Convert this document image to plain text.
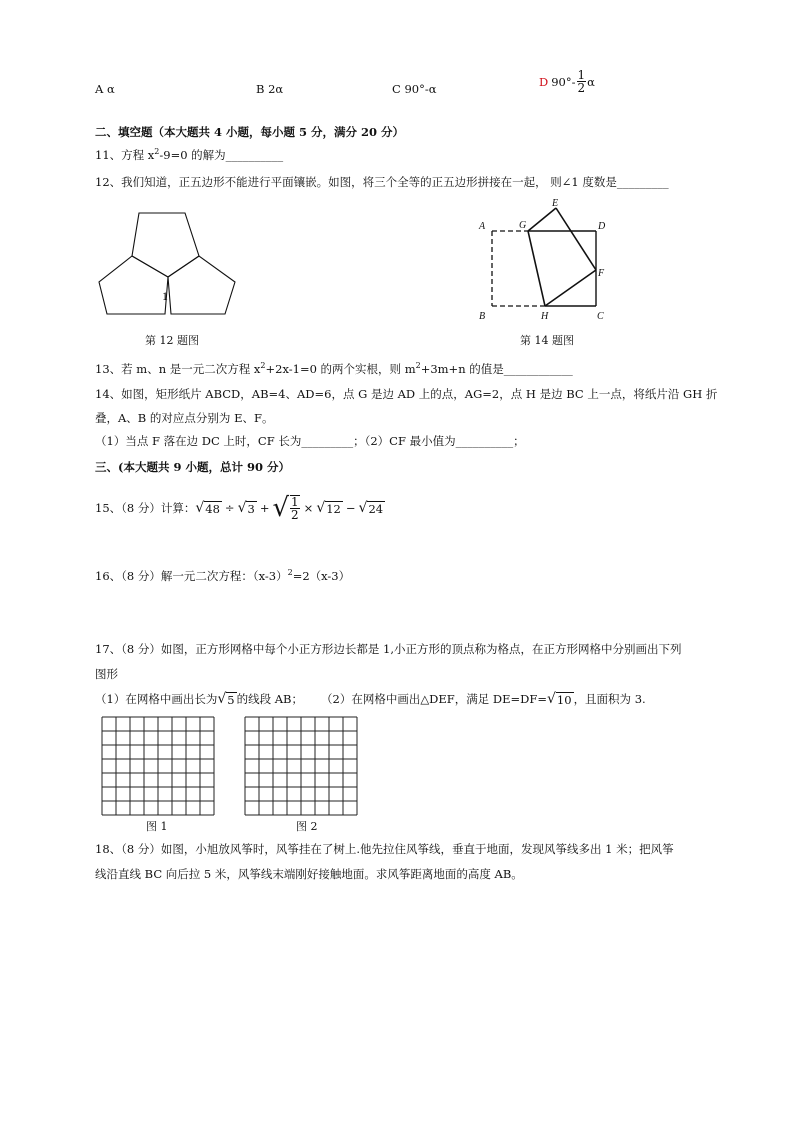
A α	B 2α	C 90°-α
D $90^\circ- \frac{1}{2}$ α
二、填空题（本大题共 4 小题，每小题 5 分，满分 20 分）
11、方程 $x^2-9=0$ 的解为__________
12、我们知道，正五边形不能进行平面镶嵌。如图，将三个全等的正五边形拼接在一起， 则∠1 度数是_________
1
第 12 题图
A	G
E
D
F
B	H	C
第 14 题图
13、若 m、n 是一元二次方程 $x^2+2x-1=0$ 的两个实根，则 $m^2+3m+n$ 的值是____________
14、如图，矩形纸片 ABCD，AB=4、AD=6，点 G 是边 AD 上的点，AG=2，点 H 是边 BC 上一点，将纸片沿 GH 折
叠，A、B 的对应点分别为 E、F。
（1）当点 F 落在边 DC 上时，CF 长为_________；（2）CF 最小值为__________；
三、(本大题共 9 小题，总计 90 分）
15、（8 分）计算： √ 48 ÷ √ 3 + √ $\frac{1}{2}$ × √ 12 − √ 24
16、（8 分）解一元二次方程：$(x-3)^2=2(x-3)$
17、（8 分）如图，正方形网格中每个小正方形边长都是 1,小正方形的顶点称为格点，在正方形网格中分别画出下列
图形
（1）在网格中画出长为 √ 5 的线段 AB； （2）在网格中画出△DEF，满足 DE=DF= √ 10 ，且面积为 3.
图 1	图 2
18、（8 分）如图，小旭放风筝时，风筝挂在了树上.他先拉住风筝线，垂直于地面，发现风筝线多出 1 米；把风筝
线沿直线 BC 向后拉 5 米，风筝线末端刚好接触地面。求风筝距离地面的高度 AB。
